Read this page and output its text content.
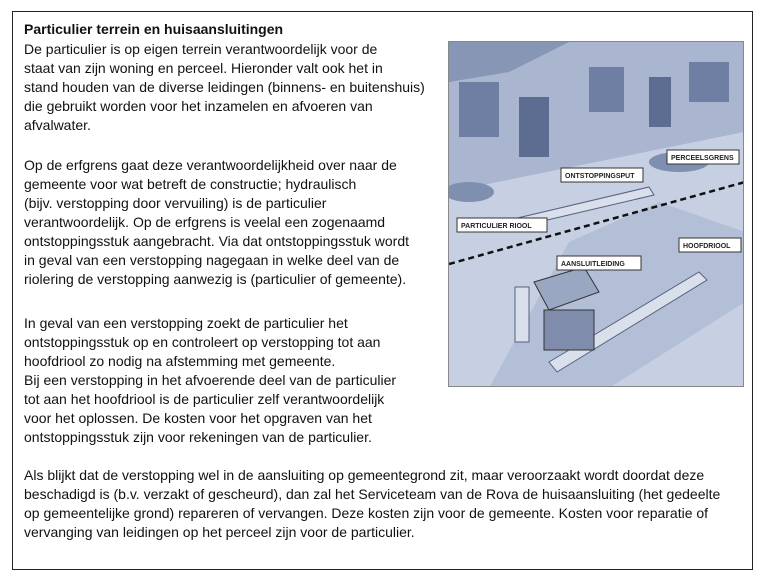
Particulier terrein en huisaansluitingen

De particulier is op eigen terrein verantwoordelijk voor de
staat van zijn woning en perceel. Hieronder valt ook het in
stand houden van de diverse leidingen (binnens- en buitenshuis)
die gebruikt worden voor het inzamelen en afvoeren van
afvalwater.

Op de erfgrens gaat deze verantwoordelijkheid over naar de
gemeente voor wat betreft de constructie; hydraulisch
(bijv. verstopping door vervuiling) is de particulier
verantwoordelijk. Op de erfgrens is veelal een zogenaamd
ontstoppingsstuk aangebracht. Via dat ontstoppingsstuk wordt
in geval van een verstopping nagegaan in welke deel van de
riolering de verstopping aanwezig is (particulier of gemeente).

In geval van een verstopping zoekt de particulier het
ontstoppingsstuk op en controleert op verstopping tot aan
hoofdriool zo nodig na afstemming met gemeente.
Bij een verstopping in het afvoerende deel van de particulier
tot aan het hoofdriool is de particulier zelf verantwoordelijk
voor het oplossen. De kosten voor het opgraven van het
ontstoppingsstuk zijn voor rekeningen van de particulier.

Als blijkt dat de verstopping wel in de aansluiting op gemeentegrond zit, maar veroorzaakt wordt doordat deze
beschadigd is (b.v. verzakt of gescheurd), dan zal het Serviceteam van de Rova de huisaansluiting (het gedeelte
op gemeentelijke grond) repareren of vervangen. Deze kosten zijn voor de gemeente. Kosten voor reparatie of
vervanging van leidingen op het perceel zijn voor de particulier.

PERCEELSGRENS
ONTSTOPPINGSPUT
PARTICULIER RIOOL
HOOFDRIOOL
AANSLUITLEIDING
